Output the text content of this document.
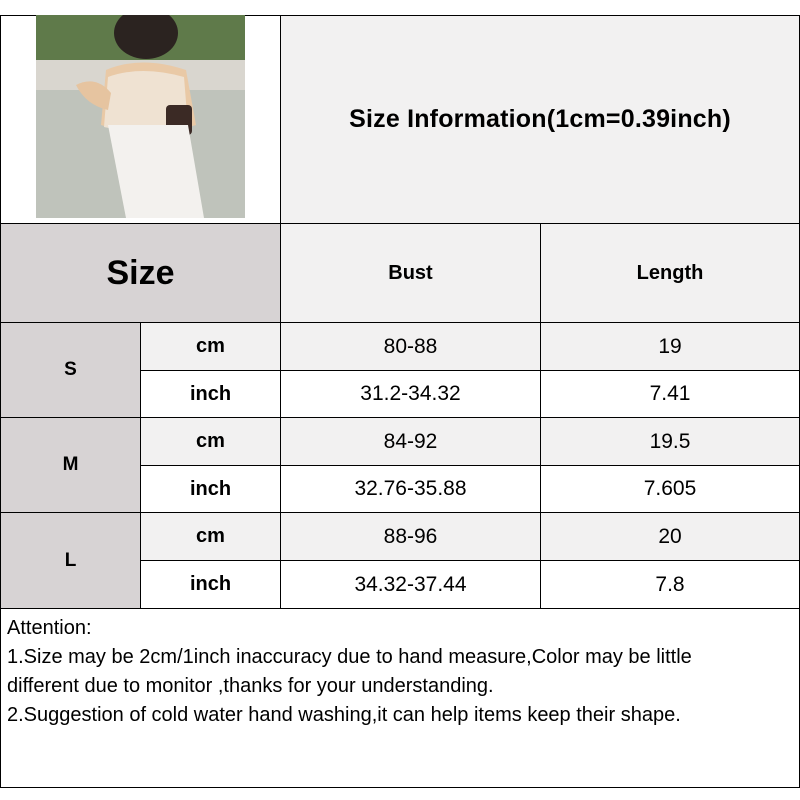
Size Information(1cm=0.39inch)
Size	Bust	Length
S
cm	80-88	19
inch	31.2-34.32	7.41
M
cm	84-92	19.5
inch	32.76-35.88	7.605
L
cm	88-96	20
inch	34.32-37.44	7.8
Attention:
1.Size may be 2cm/1inch inaccuracy due to hand measure,Color may be little
different due to monitor ,thanks for your understanding.
2.Suggestion of cold water hand washing,it can help items keep their shape.
